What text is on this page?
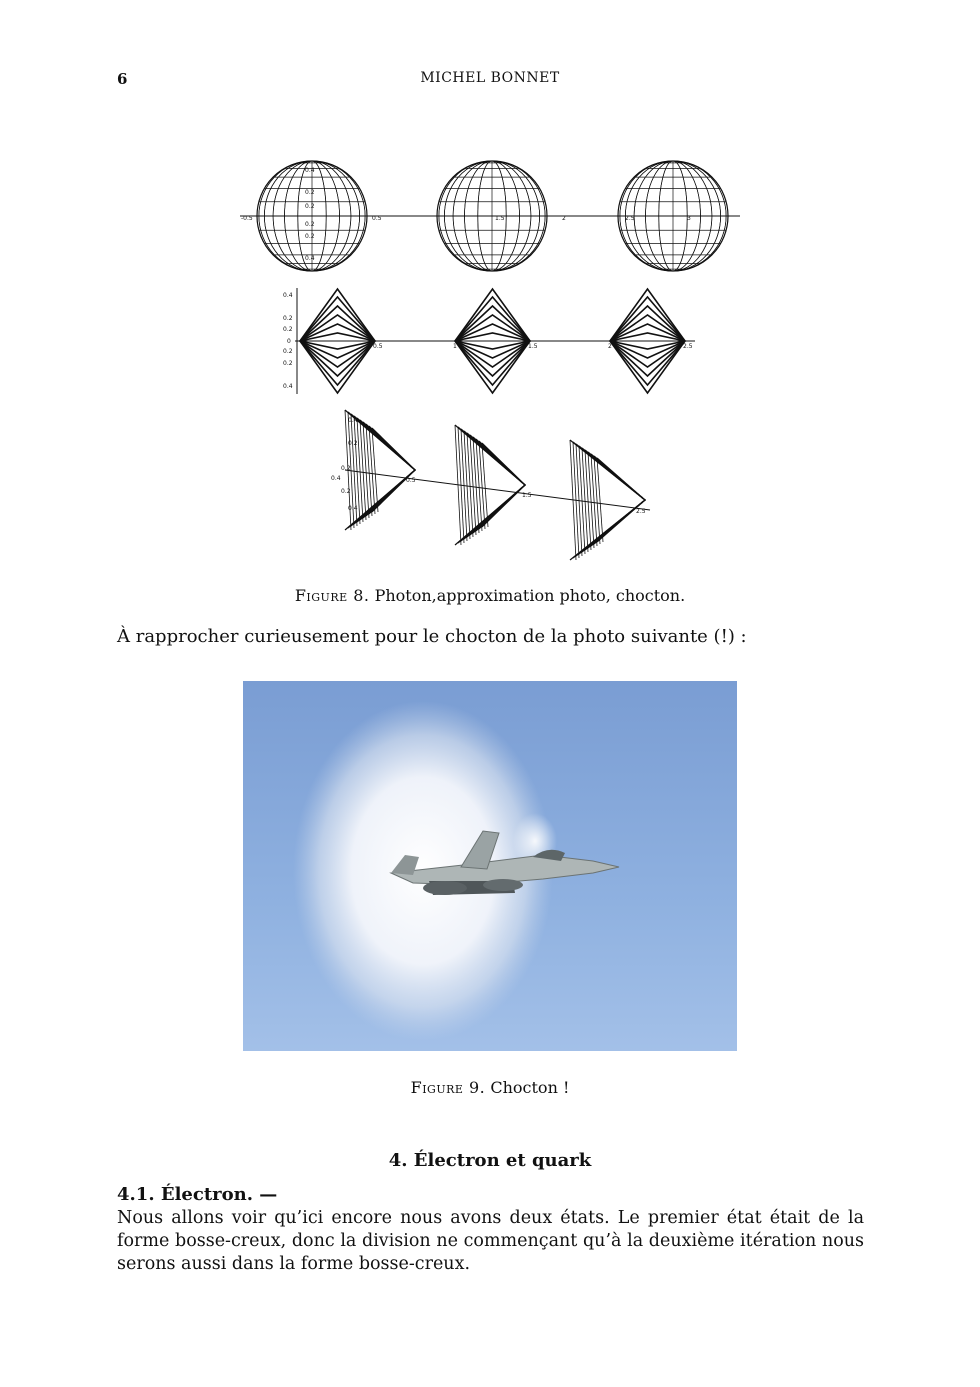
6	MICHEL BONNET
0.4
0.2
0.2
0.2
0.2
0.4
-0.5	0.5	1.5	2	2.5	3
0.4
0.2
0.2
0
0.2
0.2
0.4
0.5	1	1.5	2	2.5
0.4
0.2
0.4
0.2
0.2
0.4
0.5
1.5
2.5
Figure 8. Photon,approximation photo, chocton.
À rapprocher curieusement pour le chocton de la photo suivante (!) :
Figure 9. Chocton !
4. Électron et quark
4.1. Électron. —
Nous allons voir qu’ici encore nous avons deux états. Le premier état était de la forme bosse-creux, donc la division ne commençant qu’à la deuxième itération nous serons aussi dans la forme bosse-creux.
